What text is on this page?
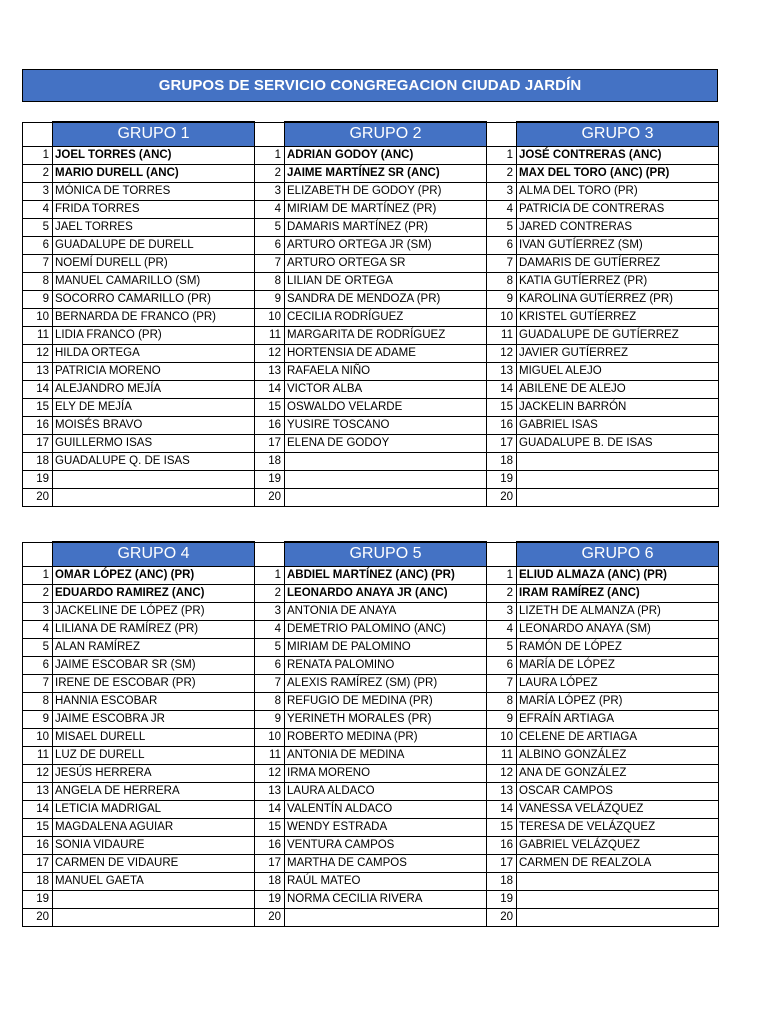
GRUPOS DE SERVICIO CONGREGACION CIUDAD JARDÍN
	GRUPO 1		GRUPO 2		GRUPO 3
1	JOEL TORRES (ANC)	1	ADRIAN GODOY (ANC)	1	JOSÉ CONTRERAS (ANC)
2	MARIO DURELL (ANC)	2	JAIME MARTÍNEZ SR (ANC)	2	MAX DEL TORO (ANC) (PR)
3	MÓNICA DE TORRES	3	ELIZABETH DE GODOY (PR)	3	ALMA DEL TORO (PR)
4	FRIDA TORRES	4	MIRIAM DE MARTÍNEZ (PR)	4	PATRICIA DE CONTRERAS
5	JAEL TORRES	5	DAMARIS MARTÍNEZ (PR)	5	JARED CONTRERAS
6	GUADALUPE DE DURELL	6	ARTURO ORTEGA JR (SM)	6	IVAN GUTÍERREZ (SM)
7	NOEMÍ DURELL (PR)	7	ARTURO ORTEGA SR	7	DAMARIS DE GUTÍERREZ
8	MANUEL CAMARILLO (SM)	8	LILIAN DE ORTEGA	8	KATIA GUTÍERREZ (PR)
9	SOCORRO CAMARILLO (PR)	9	SANDRA DE MENDOZA (PR)	9	KAROLINA GUTÍERREZ (PR)
10	BERNARDA DE FRANCO (PR)	10	CECILIA RODRÍGUEZ	10	KRISTEL GUTÍERREZ
11	LIDIA FRANCO (PR)	11	MARGARITA DE RODRÍGUEZ	11	GUADALUPE DE GUTÍERREZ
12	HILDA ORTEGA	12	HORTENSIA DE ADAME	12	JAVIER GUTÍERREZ
13	PATRICIA MORENO	13	RAFAELA NIÑO	13	MIGUEL ALEJO
14	ALEJANDRO MEJÍA	14	VICTOR ALBA	14	ABILENE DE ALEJO
15	ELY DE MEJÍA	15	OSWALDO VELARDE	15	JACKELIN BARRÓN
16	MOISÉS BRAVO	16	YUSIRE TOSCANO	16	GABRIEL ISAS
17	GUILLERMO ISAS	17	ELENA DE GODOY	17	GUADALUPE B. DE ISAS
18	GUADALUPE Q. DE ISAS	18		18	
19		19		19	
20		20		20	
	GRUPO 4		GRUPO 5		GRUPO 6
1	OMAR LÓPEZ (ANC) (PR)	1	ABDIEL MARTÍNEZ (ANC) (PR)	1	ELIUD ALMAZA (ANC) (PR)
2	EDUARDO RAMIREZ (ANC)	2	LEONARDO ANAYA JR (ANC)	2	IRAM RAMÍREZ (ANC)
3	JACKELINE DE LÓPEZ (PR)	3	ANTONIA DE ANAYA	3	LIZETH DE ALMANZA (PR)
4	LILIANA DE RAMÍREZ (PR)	4	DEMETRIO PALOMINO (ANC)	4	LEONARDO ANAYA (SM)
5	ALAN RAMÍREZ	5	MIRIAM DE PALOMINO	5	RAMÓN DE LÓPEZ
6	JAIME ESCOBAR SR (SM)	6	RENATA PALOMINO	6	MARÍA DE LÓPEZ
7	IRENE DE ESCOBAR (PR)	7	ALEXIS RAMÍREZ (SM) (PR)	7	LAURA LÓPEZ
8	HANNIA ESCOBAR	8	REFUGIO DE MEDINA (PR)	8	MARÍA LÓPEZ (PR)
9	JAIME ESCOBRA JR	9	YERINETH MORALES (PR)	9	EFRAÍN ARTIAGA
10	MISAEL DURELL	10	ROBERTO MEDINA (PR)	10	CELENE DE ARTIAGA
11	LUZ DE DURELL	11	ANTONIA DE MEDINA	11	ALBINO GONZÁLEZ
12	JESÚS HERRERA	12	IRMA MORENO	12	ANA DE GONZÁLEZ
13	ANGELA DE HERRERA	13	LAURA ALDACO	13	OSCAR CAMPOS
14	LETICIA MADRIGAL	14	VALENTÍN ALDACO	14	VANESSA VELÁZQUEZ
15	MAGDALENA AGUIAR	15	WENDY ESTRADA	15	TERESA DE VELÁZQUEZ
16	SONIA VIDAURE	16	VENTURA CAMPOS	16	GABRIEL VELÁZQUEZ
17	CARMEN DE VIDAURE	17	MARTHA DE CAMPOS	17	CARMEN DE REALZOLA
18	MANUEL GAETA	18	RAÚL MATEO	18	
19		19	NORMA CECILIA RIVERA	19	
20		20		20	
